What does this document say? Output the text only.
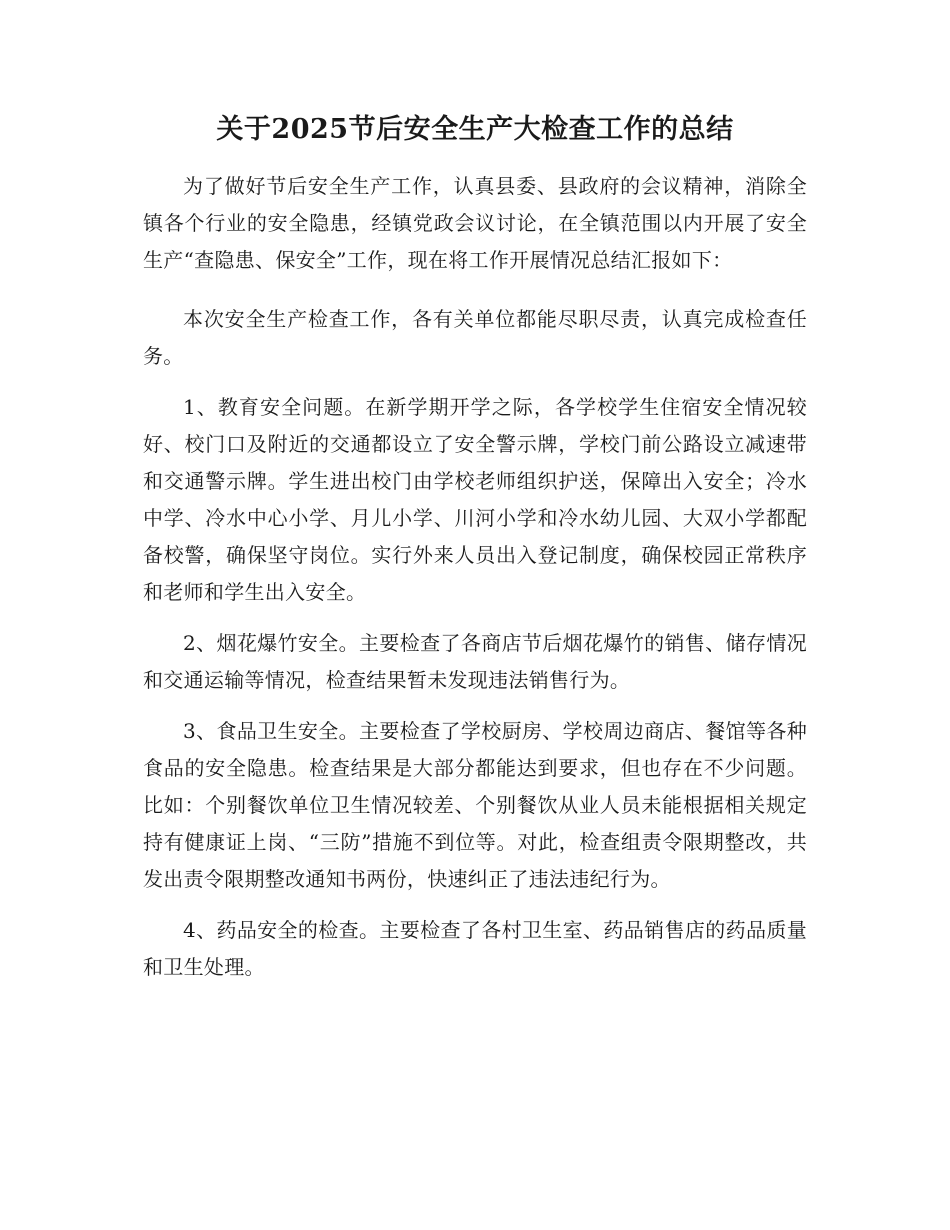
关于2025节后安全生产大检查工作的总结

为了做好节后安全生产工作，认真县委、县政府的会议精神，消除全镇各个行业的安全隐患，经镇党政会议讨论，在全镇范围以内开展了安全生产“查隐患、保安全”工作，现在将工作开展情况总结汇报如下：

本次安全生产检查工作，各有关单位都能尽职尽责，认真完成检查任务。

1、教育安全问题。在新学期开学之际，各学校学生住宿安全情况较好、校门口及附近的交通都设立了安全警示牌，学校门前公路设立减速带和交通警示牌。学生进出校门由学校老师组织护送，保障出入安全；冷水中学、冷水中心小学、月儿小学、川河小学和冷水幼儿园、大双小学都配备校警，确保坚守岗位。实行外来人员出入登记制度，确保校园正常秩序和老师和学生出入安全。

2、烟花爆竹安全。主要检查了各商店节后烟花爆竹的销售、储存情况和交通运输等情况，检查结果暂未发现违法销售行为。

3、食品卫生安全。主要检查了学校厨房、学校周边商店、餐馆等各种食品的安全隐患。检查结果是大部分都能达到要求，但也存在不少问题。比如：个别餐饮单位卫生情况较差、个别餐饮从业人员未能根据相关规定持有健康证上岗、“三防”措施不到位等。对此，检查组责令限期整改，共发出责令限期整改通知书两份，快速纠正了违法违纪行为。

4、药品安全的检查。主要检查了各村卫生室、药品销售店的药品质量和卫生处理。
